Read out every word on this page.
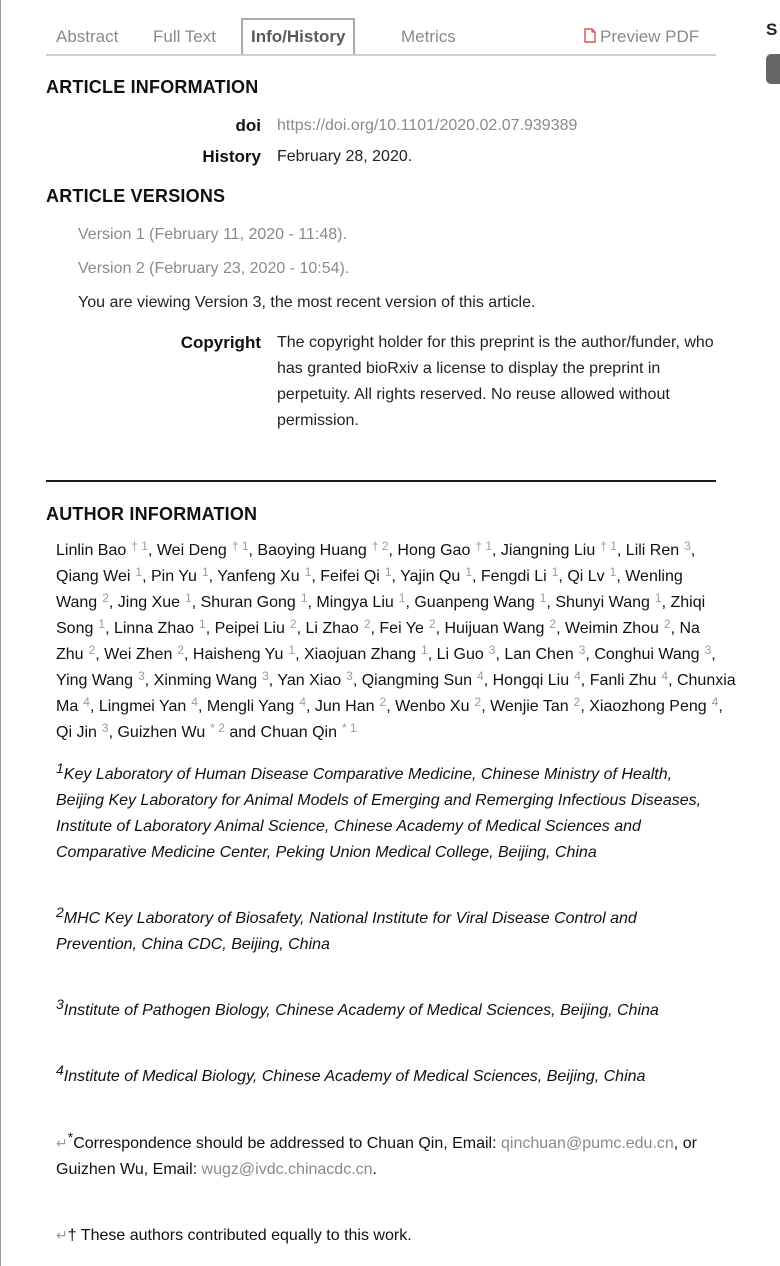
S
Abstract Full Text	Info/History	Metrics	Preview PDF
ARTICLE INFORMATION
doi https://doi.org/10.1101/2020.02.07.939389
History February 28, 2020.
ARTICLE VERSIONS
Version 1 (February 11, 2020 - 11:48).
Version 2 (February 23, 2020 - 10:54).
You are viewing Version 3, the most recent version of this article.
Copyright The copyright holder for this preprint is the author/funder, who has granted bioRxiv a license to display the preprint in perpetuity. All rights reserved. No reuse allowed without permission.
AUTHOR INFORMATION
Linlin Bao $^{\dagger 1}$, Wei Deng $^{\dagger 1}$, Baoying Huang $^{\dagger 2}$, Hong Gao $^{\dagger 1}$, Jiangning Liu $^{\dagger 1}$, Lili Ren $^3$, Qiang Wei $^1$, Pin Yu $^1$, Yanfeng Xu $^1$, Feifei Qi $^1$, Yajin Qu $^1$, Fengdi Li $^1$, Qi Lv $^1$, Wenling Wang $^2$, Jing Xue $^1$, Shuran Gong $^1$, Mingya Liu $^1$, Guanpeng Wang $^1$, Shunyi Wang $^1$, Zhiqi Song $^1$, Linna Zhao $^1$, Peipei Liu $^2$, Li Zhao $^2$, Fei Ye $^2$, Huijuan Wang $^2$, Weimin Zhou $^2$, Na Zhu $^2$, Wei Zhen $^2$, Haisheng Yu $^1$, Xiaojuan Zhang $^1$, Li Guo $^3$, Lan Chen $^3$, Conghui Wang $^3$, Ying Wang $^3$, Xinming Wang $^3$, Yan Xiao $^3$, Qiangming Sun $^4$, Hongqi Liu $^4$, Fanli Zhu $^4$, Chunxia Ma $^4$, Lingmei Yan $^4$, Mengli Yang $^4$, Jun Han $^2$, Wenbo Xu $^2$, Wenjie Tan $^2$, Xiaozhong Peng $^4$, Qi Jin $^3$, Guizhen Wu $^{* 2}$ and Chuan Qin $^{* 1}$
$^1$Key Laboratory of Human Disease Comparative Medicine, Chinese Ministry of Health, Beijing Key Laboratory for Animal Models of Emerging and Remerging Infectious Diseases, Institute of Laboratory Animal Science, Chinese Academy of Medical Sciences and Comparative Medicine Center, Peking Union Medical College, Beijing, China
$^2$MHC Key Laboratory of Biosafety, National Institute for Viral Disease Control and Prevention, China CDC, Beijing, China
$^3$Institute of Pathogen Biology, Chinese Academy of Medical Sciences, Beijing, China
$^4$Institute of Medical Biology, Chinese Academy of Medical Sciences, Beijing, China
↵*Correspondence should be addressed to Chuan Qin, Email: qinchuan@pumc.edu.cn, or Guizhen Wu, Email: wugz@ivdc.chinacdc.cn.
↵† These authors contributed equally to this work.
